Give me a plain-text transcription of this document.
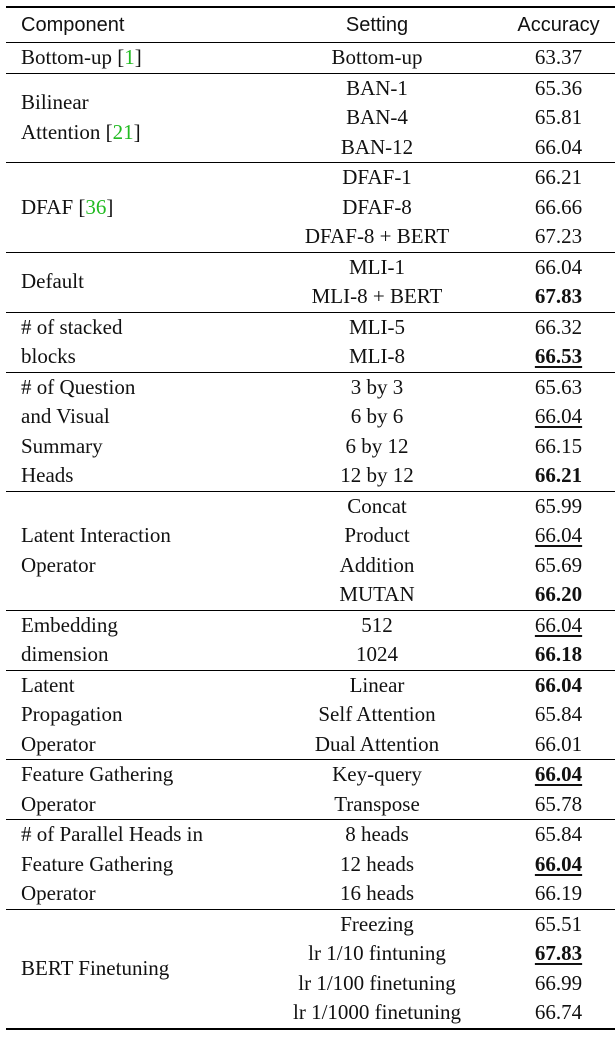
Component	Setting	Accuracy

Bottom-up [1]	Bottom-up	63.37

Bilinear
Attention [21]	BAN-1	65.36
	BAN-4	65.81
	BAN-12	66.04

DFAF [36]	DFAF-1	66.21
	DFAF-8	66.66
	DFAF-8 + BERT	67.23

Default	MLI-1	66.04
	MLI-8 + BERT	67.83

# of stacked
blocks	MLI-5	66.32
	MLI-8	66.53

# of Question
and Visual
Summary
Heads	3 by 3	65.63
	6 by 6	66.04
	6 by 12	66.15
	12 by 12	66.21

Latent Interaction
Operator	Concat	65.99
	Product	66.04
	Addition	65.69
	MUTAN	66.20

Embedding
dimension	512	66.04
	1024	66.18

Latent
Propagation
Operator	Linear	66.04
	Self Attention	65.84
	Dual Attention	66.01

Feature Gathering
Operator	Key-query	66.04
	Transpose	65.78

# of Parallel Heads in
Feature Gathering
Operator	8 heads	65.84
	12 heads	66.04
	16 heads	66.19

BERT Finetuning	Freezing	65.51
	lr 1/10 fintuning	67.83
	lr 1/100 finetuning	66.99
	lr 1/1000 finetuning	66.74
